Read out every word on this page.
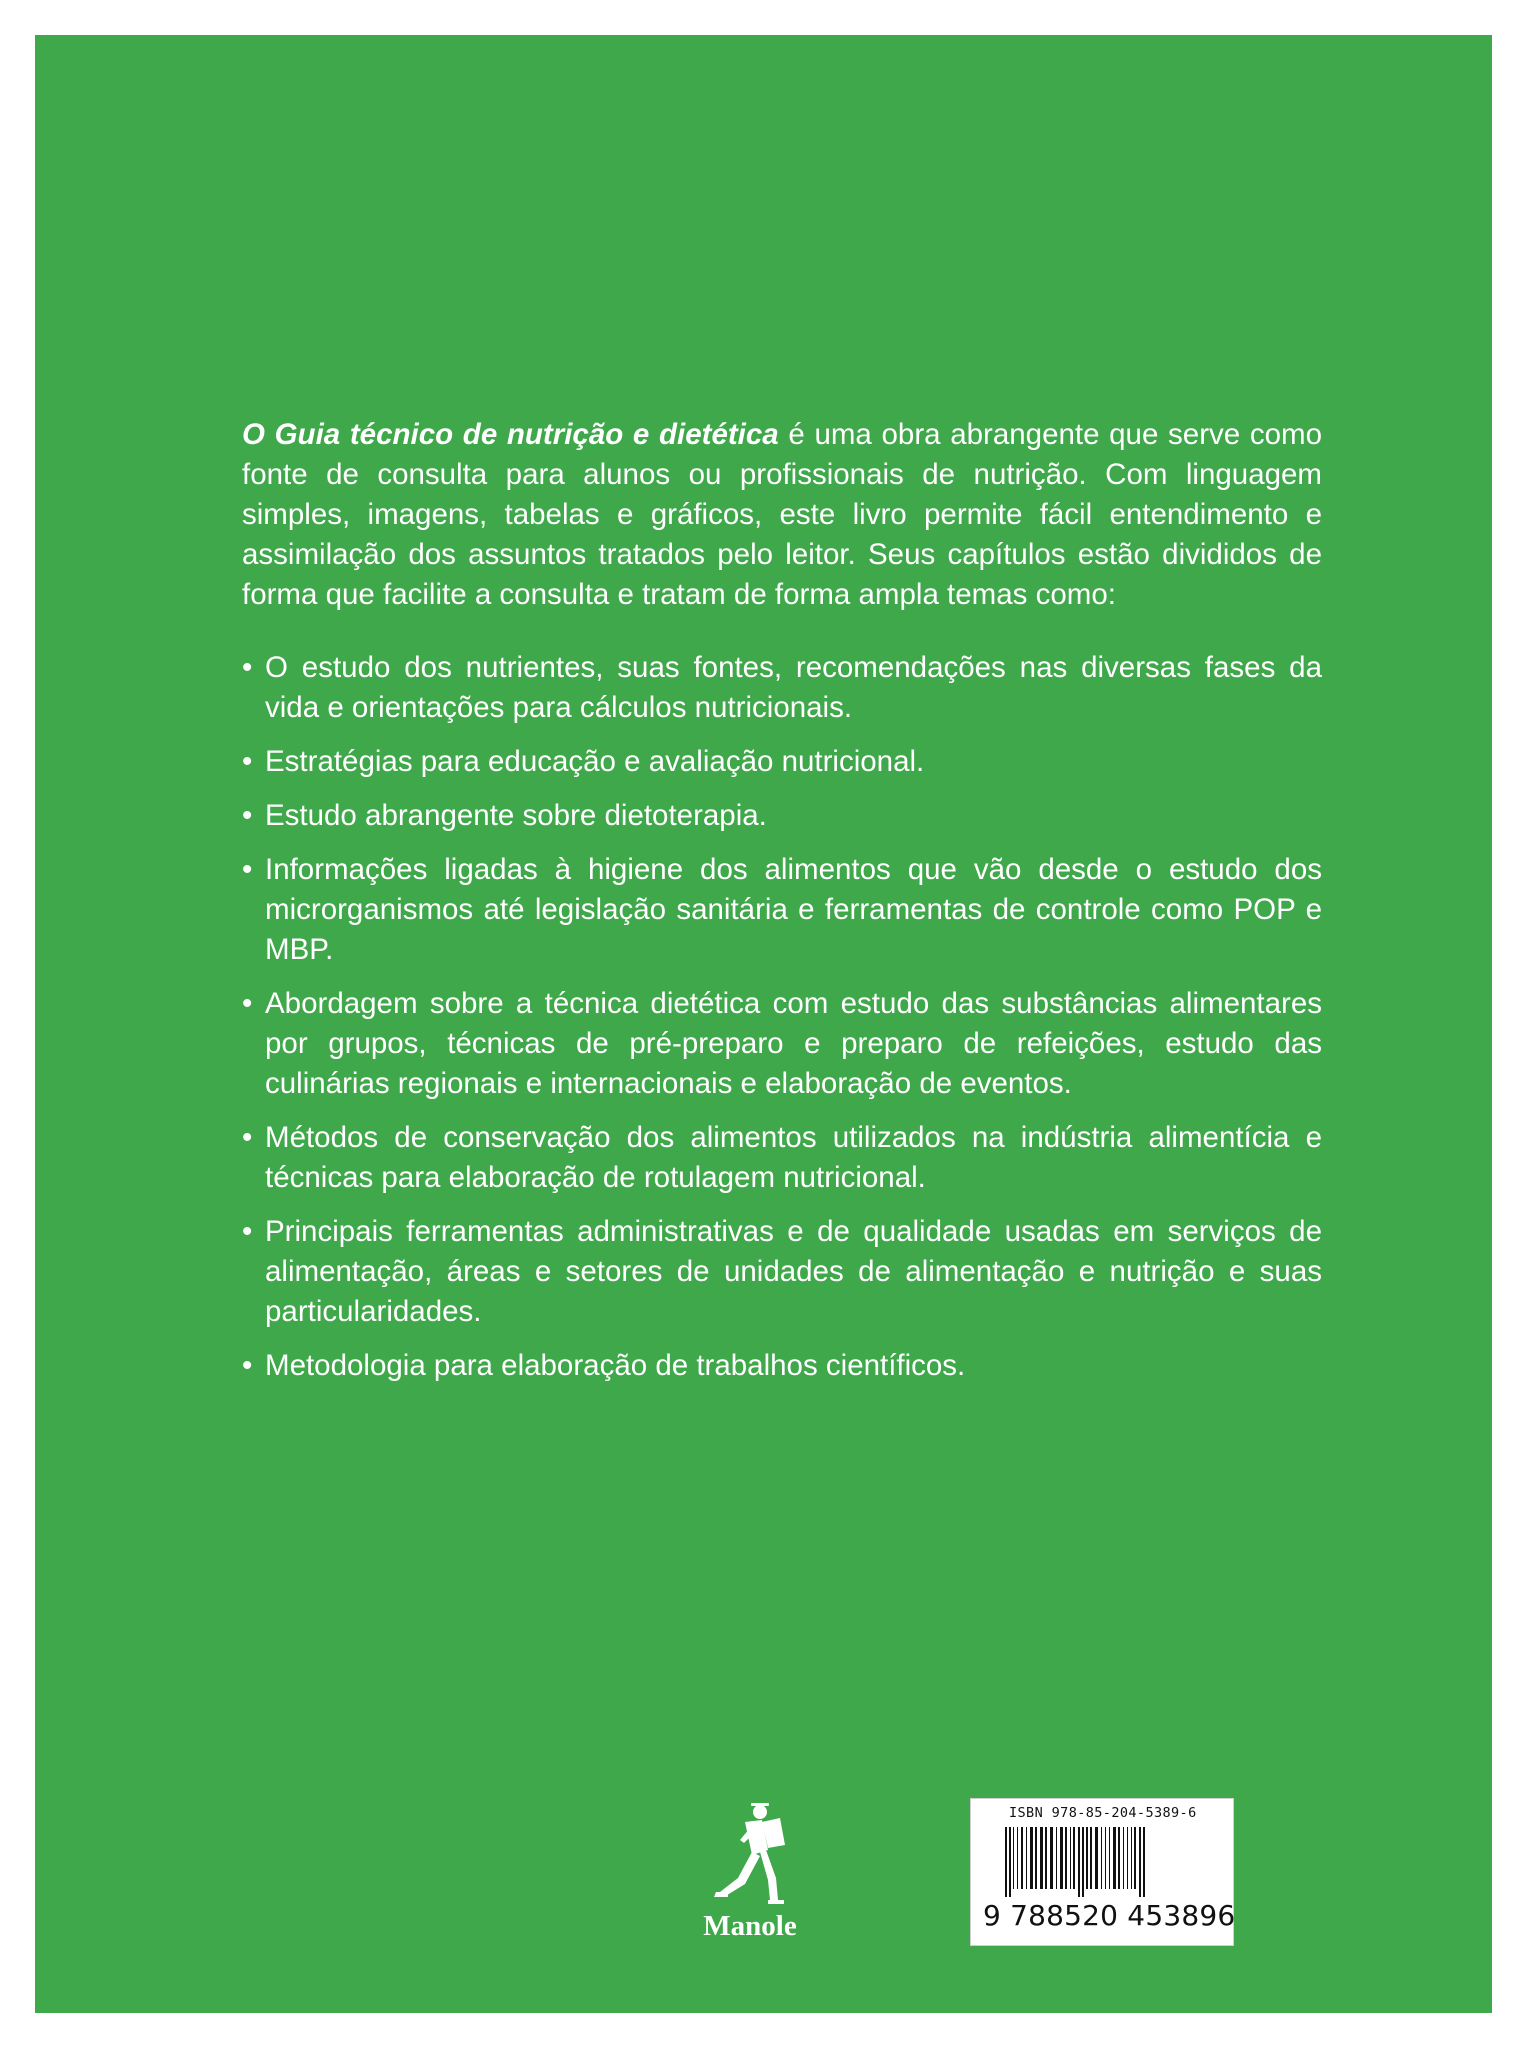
O Guia técnico de nutrição e dietética é uma obra abrangente que serve como fonte de consulta para alunos ou profissionais de nutrição. Com linguagem simples, imagens, tabelas e gráficos, este livro permite fácil entendimento e assimilação dos assuntos tratados pelo leitor. Seus capítulos estão divididos de forma que facilite a consulta e tratam de forma ampla temas como:

• O estudo dos nutrientes, suas fontes, recomendações nas diversas fases da vida e orientações para cálculos nutricionais.
• Estratégias para educação e avaliação nutricional.
• Estudo abrangente sobre dietoterapia.
• Informações ligadas à higiene dos alimentos que vão desde o estudo dos microrganismos até legislação sanitária e ferramentas de controle como POP e MBP.
• Abordagem sobre a técnica dietética com estudo das substâncias alimentares por grupos, técnicas de pré-preparo e preparo de refeições, estudo das culinárias regionais e internacionais e elaboração de eventos.
• Métodos de conservação dos alimentos utilizados na indústria alimentícia e técnicas para elaboração de rotulagem nutricional.
• Principais ferramentas administrativas e de qualidade usadas em serviços de alimentação, áreas e setores de unidades de alimentação e nutrição e suas particularidades.
• Metodologia para elaboração de trabalhos científicos.
Manole
ISBN 978-85-204-5389-6
9 788520 453896
